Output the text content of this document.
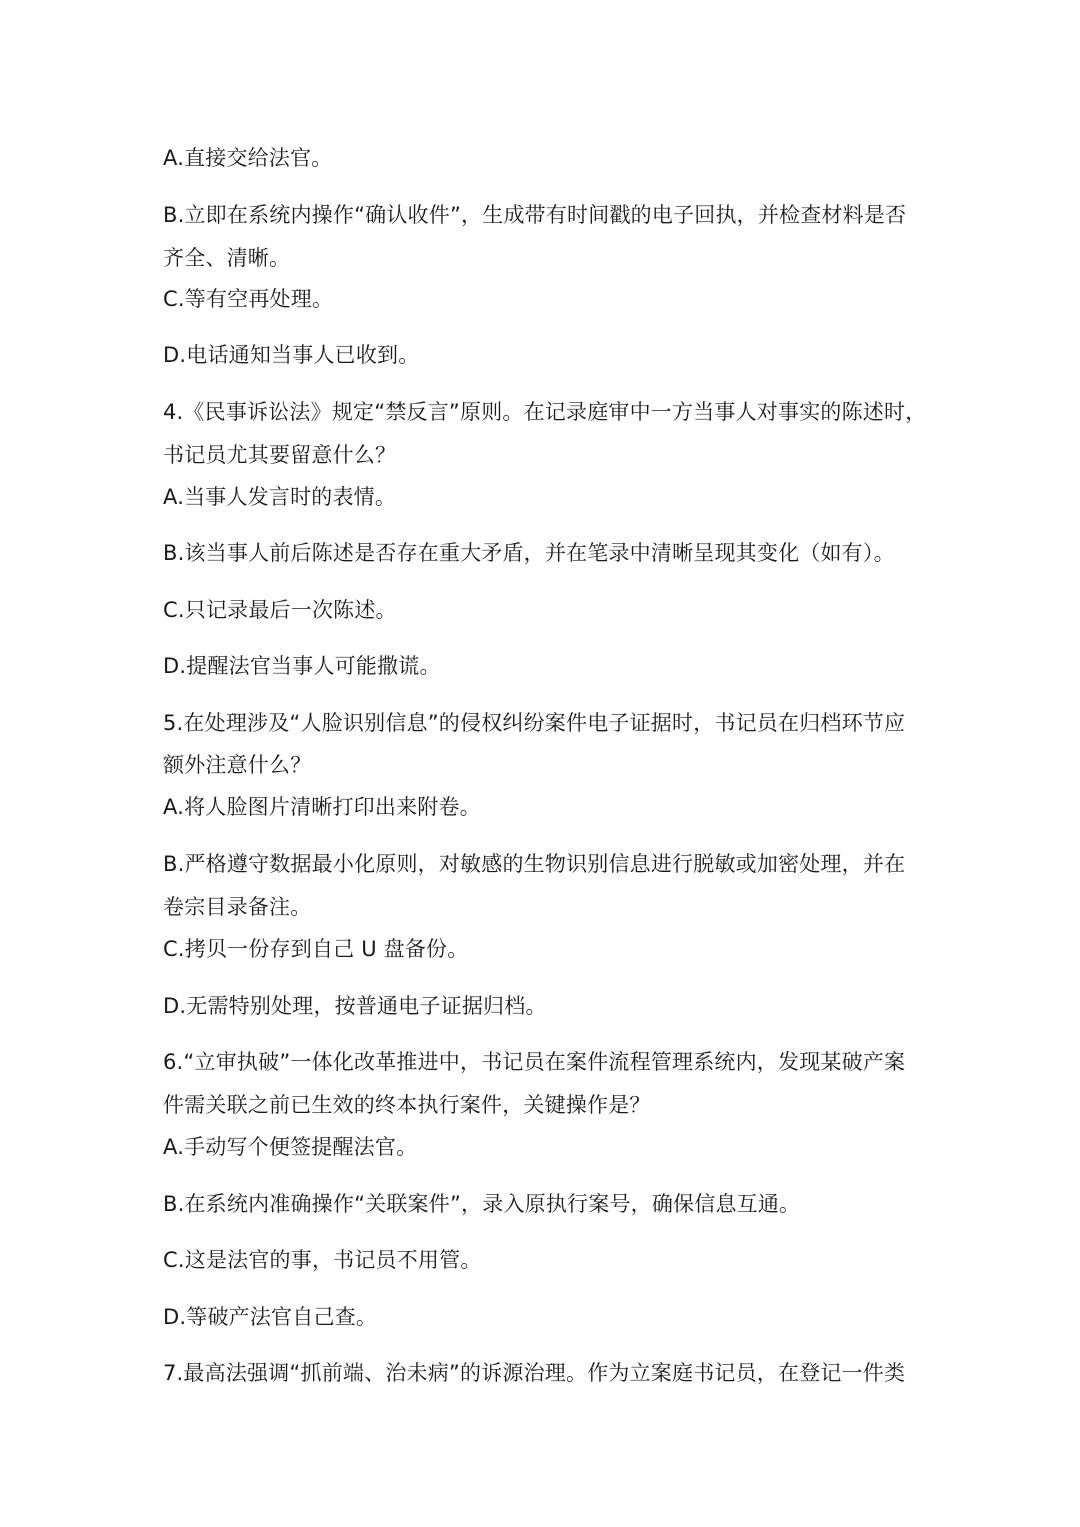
A.直接交给法官。
B.立即在系统内操作“确认收件”，生成带有时间戳的电子回执，并检查材料是否
齐全、清晰。
C.等有空再处理。
D.电话通知当事人已收到。
4.《民事诉讼法》规定“禁反言”原则。在记录庭审中一方当事人对事实的陈述时，
书记员尤其要留意什么？
A.当事人发言时的表情。
B.该当事人前后陈述是否存在重大矛盾，并在笔录中清晰呈现其变化（如有）。
C.只记录最后一次陈述。
D.提醒法官当事人可能撒谎。
5.在处理涉及“人脸识别信息”的侵权纠纷案件电子证据时，书记员在归档环节应
额外注意什么？
A.将人脸图片清晰打印出来附卷。
B.严格遵守数据最小化原则，对敏感的生物识别信息进行脱敏或加密处理，并在
卷宗目录备注。
C.拷贝一份存到自己 U 盘备份。
D.无需特别处理，按普通电子证据归档。
6.“立审执破”一体化改革推进中，书记员在案件流程管理系统内，发现某破产案
件需关联之前已生效的终本执行案件，关键操作是？
A.手动写个便签提醒法官。
B.在系统内准确操作“关联案件”，录入原执行案号，确保信息互通。
C.这是法官的事，书记员不用管。
D.等破产法官自己查。
7.最高法强调“抓前端、治未病”的诉源治理。作为立案庭书记员，在登记一件类
